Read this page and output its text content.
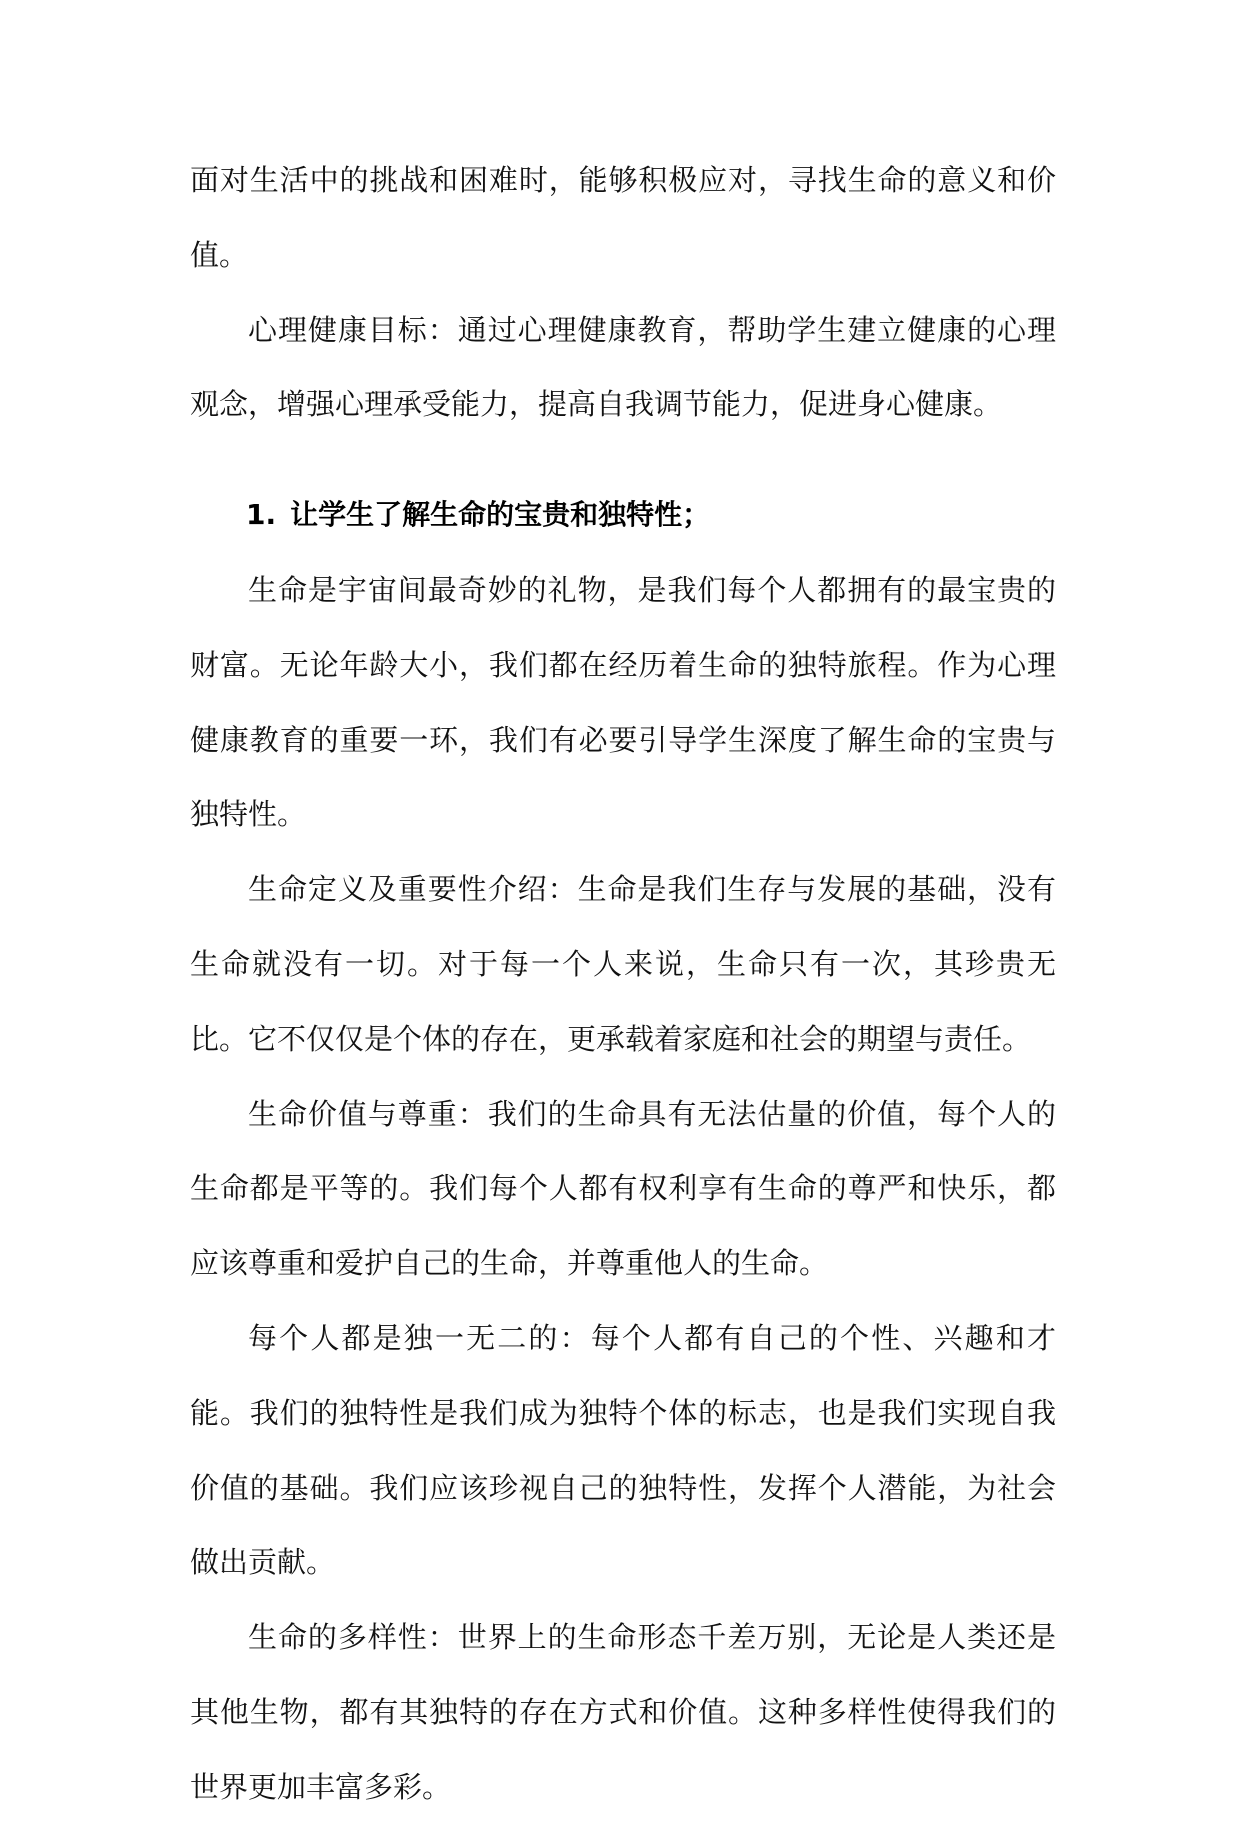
面对生活中的挑战和困难时，能够积极应对，寻找生命的意义和价值。

心理健康目标：通过心理健康教育，帮助学生建立健康的心理观念，增强心理承受能力，提高自我调节能力，促进身心健康。

1. 让学生了解生命的宝贵和独特性；

生命是宇宙间最奇妙的礼物，是我们每个人都拥有的最宝贵的财富。无论年龄大小，我们都在经历着生命的独特旅程。作为心理健康教育的重要一环，我们有必要引导学生深度了解生命的宝贵与独特性。

生命定义及重要性介绍：生命是我们生存与发展的基础，没有生命就没有一切。对于每一个人来说，生命只有一次，其珍贵无比。它不仅仅是个体的存在，更承载着家庭和社会的期望与责任。

生命价值与尊重：我们的生命具有无法估量的价值，每个人的生命都是平等的。我们每个人都有权利享有生命的尊严和快乐，都应该尊重和爱护自己的生命，并尊重他人的生命。

每个人都是独一无二的：每个人都有自己的个性、兴趣和才能。我们的独特性是我们成为独特个体的标志，也是我们实现自我价值的基础。我们应该珍视自己的独特性，发挥个人潜能，为社会做出贡献。

生命的多样性：世界上的生命形态千差万别，无论是人类还是其他生物，都有其独特的存在方式和价值。这种多样性使得我们的世界更加丰富多彩。
